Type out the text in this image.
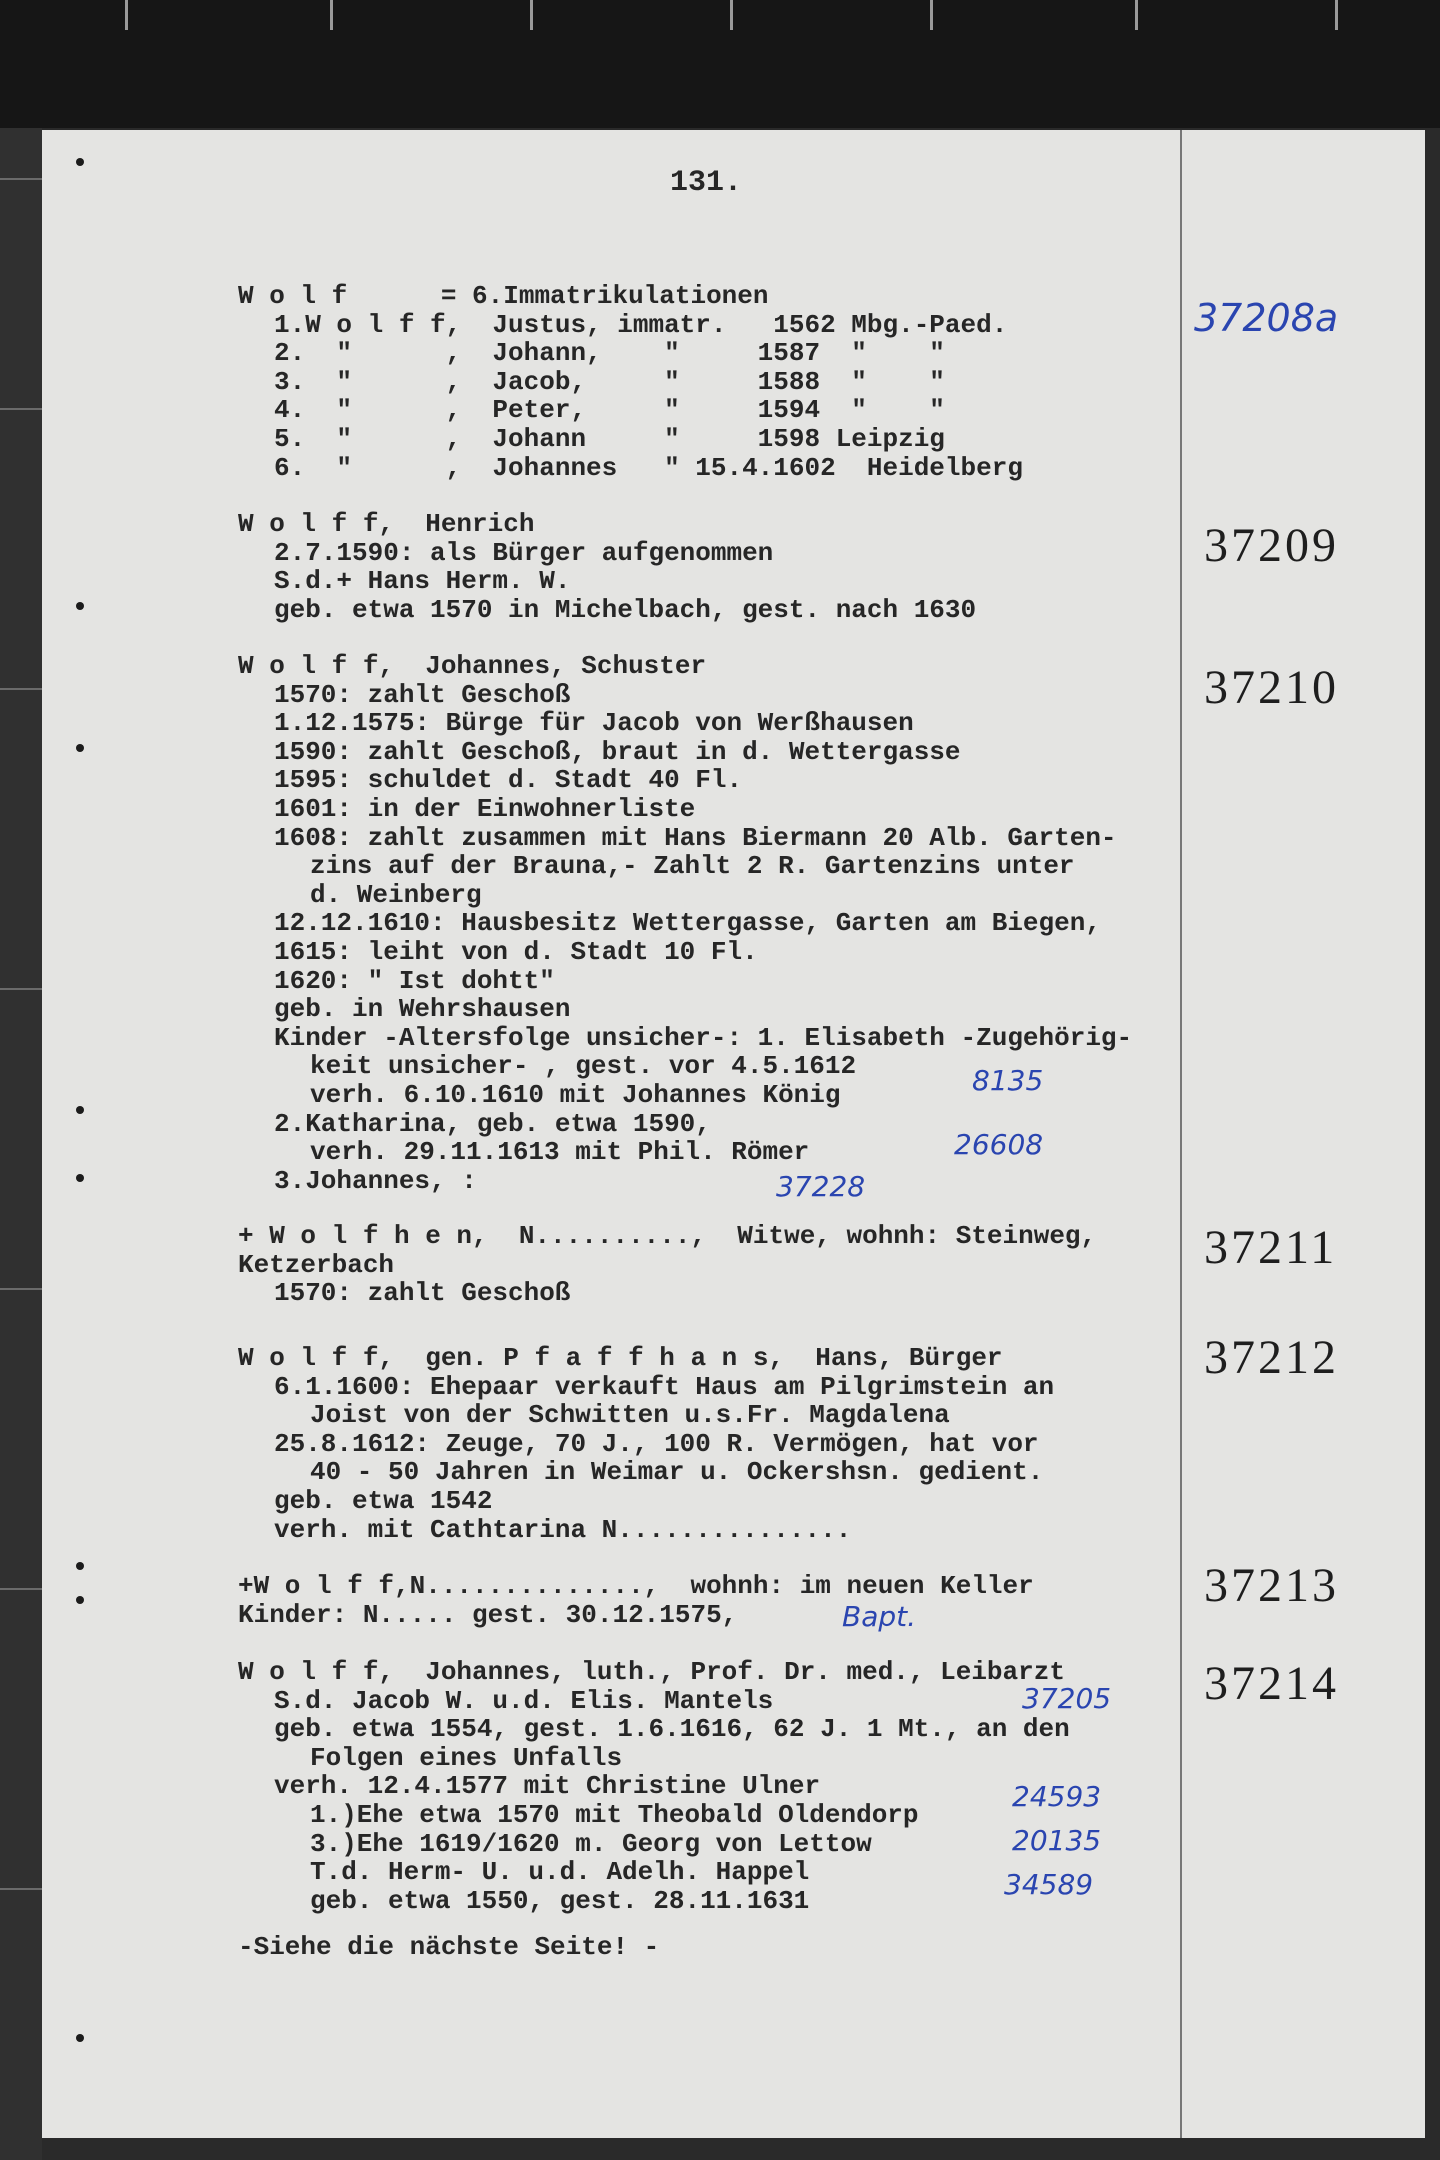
131.
W o l f      = 6.Immatrikulationen
1.W o l f f,  Justus, immatr.   1562 Mbg.-Paed.
2.  "      ,  Johann,    "     1587  "    "
3.  "      ,  Jacob,     "     1588  "    "
4.  "      ,  Peter,     "     1594  "    "
5.  "      ,  Johann     "     1598 Leipzig
6.  "      ,  Johannes   " 15.4.1602  Heidelberg
37208a
W o l f f,  Henrich
2.7.1590: als Bürger aufgenommen
S.d.+ Hans Herm. W.
geb. etwa 1570 in Michelbach, gest. nach 1630
37209
W o l f f,  Johannes, Schuster
1570: zahlt Geschoß
1.12.1575: Bürge für Jacob von Werßhausen
1590: zahlt Geschoß, braut in d. Wettergasse
1595: schuldet d. Stadt 40 Fl.
1601: in der Einwohnerliste
1608: zahlt zusammen mit Hans Biermann 20 Alb. Garten-
zins auf der Brauna,- Zahlt 2 R. Gartenzins unter
d. Weinberg
12.12.1610: Hausbesitz Wettergasse, Garten am Biegen,
1615: leiht von d. Stadt 10 Fl.
1620: " Ist dohtt"
geb. in Wehrshausen
Kinder -Altersfolge unsicher-: 1. Elisabeth -Zugehörig-
keit unsicher- , gest. vor 4.5.1612
verh. 6.10.1610 mit Johannes König
2.Katharina, geb. etwa 1590,
verh. 29.11.1613 mit Phil. Römer
3.Johannes, :
37210
8135
26608
37228
+ W o l f h e n,  N..........,  Witwe, wohnh: Steinweg,
Ketzerbach
1570: zahlt Geschoß
37211
W o l f f,  gen. P f a f f h a n s,  Hans, Bürger
6.1.1600: Ehepaar verkauft Haus am Pilgrimstein an
Joist von der Schwitten u.s.Fr. Magdalena
25.8.1612: Zeuge, 70 J., 100 R. Vermögen, hat vor
40 - 50 Jahren in Weimar u. Ockershsn. gedient.
geb. etwa 1542
verh. mit Cathtarina N...............
37212
+W o l f f,N..............,  wohnh: im neuen Keller
Kinder: N..... gest. 30.12.1575,
37213
Bapt.
W o l f f,  Johannes, luth., Prof. Dr. med., Leibarzt
S.d. Jacob W. u.d. Elis. Mantels
geb. etwa 1554, gest. 1.6.1616, 62 J. 1 Mt., an den
Folgen eines Unfalls
verh. 12.4.1577 mit Christine Ulner
1.)Ehe etwa 1570 mit Theobald Oldendorp
3.)Ehe 1619/1620 m. Georg von Lettow
T.d. Herm- U. u.d. Adelh. Happel
geb. etwa 1550, gest. 28.11.1631
37214
37205
24593
20135
34589
-Siehe die nächste Seite! -
